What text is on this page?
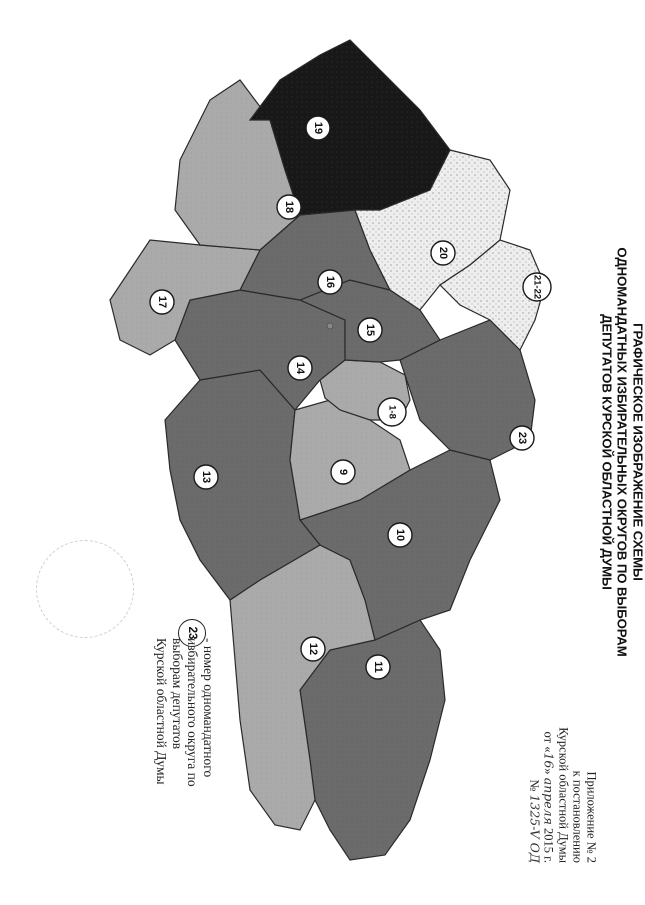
19
18
20
21-22
17
16
15
14
1-8
23
9
13
10
12
11
ГРАФИЧЕСКОЕ ИЗОБРАЖЕНИЕ СХЕМЫ
ОДНОМАНДАТНЫХ ИЗБИРАТЕЛЬНЫХ ОКРУГОВ ПО ВЫБОРАМ
ДЕПУТАТОВ КУРСКОЙ ОБЛАСТНОЙ ДУМЫ
Приложение № 2
к постановлению
Курской областной Думы
от «16» апреля 2015 г.
№ 1325-V ОД
23
- номер одномандатного
избирательного округа по
выборам депутатов
Курской областной Думы
